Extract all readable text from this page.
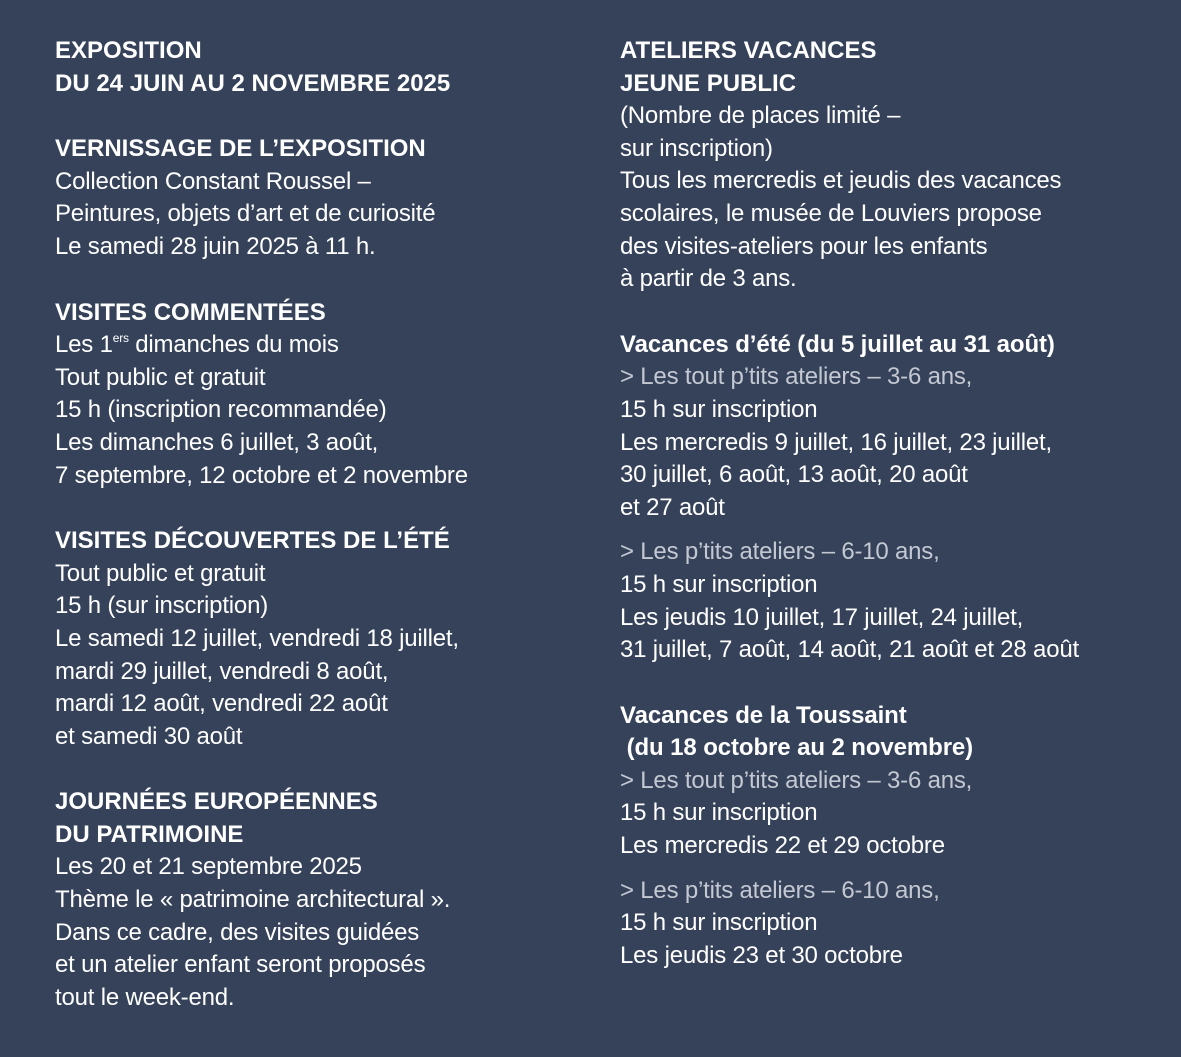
EXPOSITION
DU 24 JUIN AU 2 NOVEMBRE 2025
VERNISSAGE DE L’EXPOSITION
Collection Constant Roussel –
Peintures, objets d’art et de curiosité
Le samedi 28 juin 2025 à 11 h.
VISITES COMMENTÉES
Les 1ers dimanches du mois
Tout public et gratuit
15 h (inscription recommandée)
Les dimanches 6 juillet, 3 août,
7 septembre, 12 octobre et 2 novembre
VISITES DÉCOUVERTES DE L’ÉTÉ
Tout public et gratuit
15 h (sur inscription)
Le samedi 12 juillet, vendredi 18 juillet,
mardi 29 juillet, vendredi 8 août,
mardi 12 août, vendredi 22 août
et samedi 30 août
JOURNÉES EUROPÉENNES
DU PATRIMOINE
Les 20 et 21 septembre 2025
Thème le « patrimoine architectural ».
Dans ce cadre, des visites guidées
et un atelier enfant seront proposés
tout le week-end.
ATELIERS VACANCES
JEUNE PUBLIC
(Nombre de places limité –
sur inscription)
Tous les mercredis et jeudis des vacances
scolaires, le musée de Louviers propose
des visites-ateliers pour les enfants
à partir de 3 ans.
Vacances d’été (du 5 juillet au 31 août)
> Les tout p’tits ateliers – 3-6 ans,
15 h sur inscription
Les mercredis 9 juillet, 16 juillet, 23 juillet,
30 juillet, 6 août, 13 août, 20 août
et 27 août
> Les p’tits ateliers – 6-10 ans,
15 h sur inscription
Les jeudis 10 juillet, 17 juillet, 24 juillet,
31 juillet, 7 août, 14 août, 21 août et 28 août
Vacances de la Toussaint
(du 18 octobre au 2 novembre)
> Les tout p’tits ateliers – 3-6 ans,
15 h sur inscription
Les mercredis 22 et 29 octobre
> Les p’tits ateliers – 6-10 ans,
15 h sur inscription
Les jeudis 23 et 30 octobre
